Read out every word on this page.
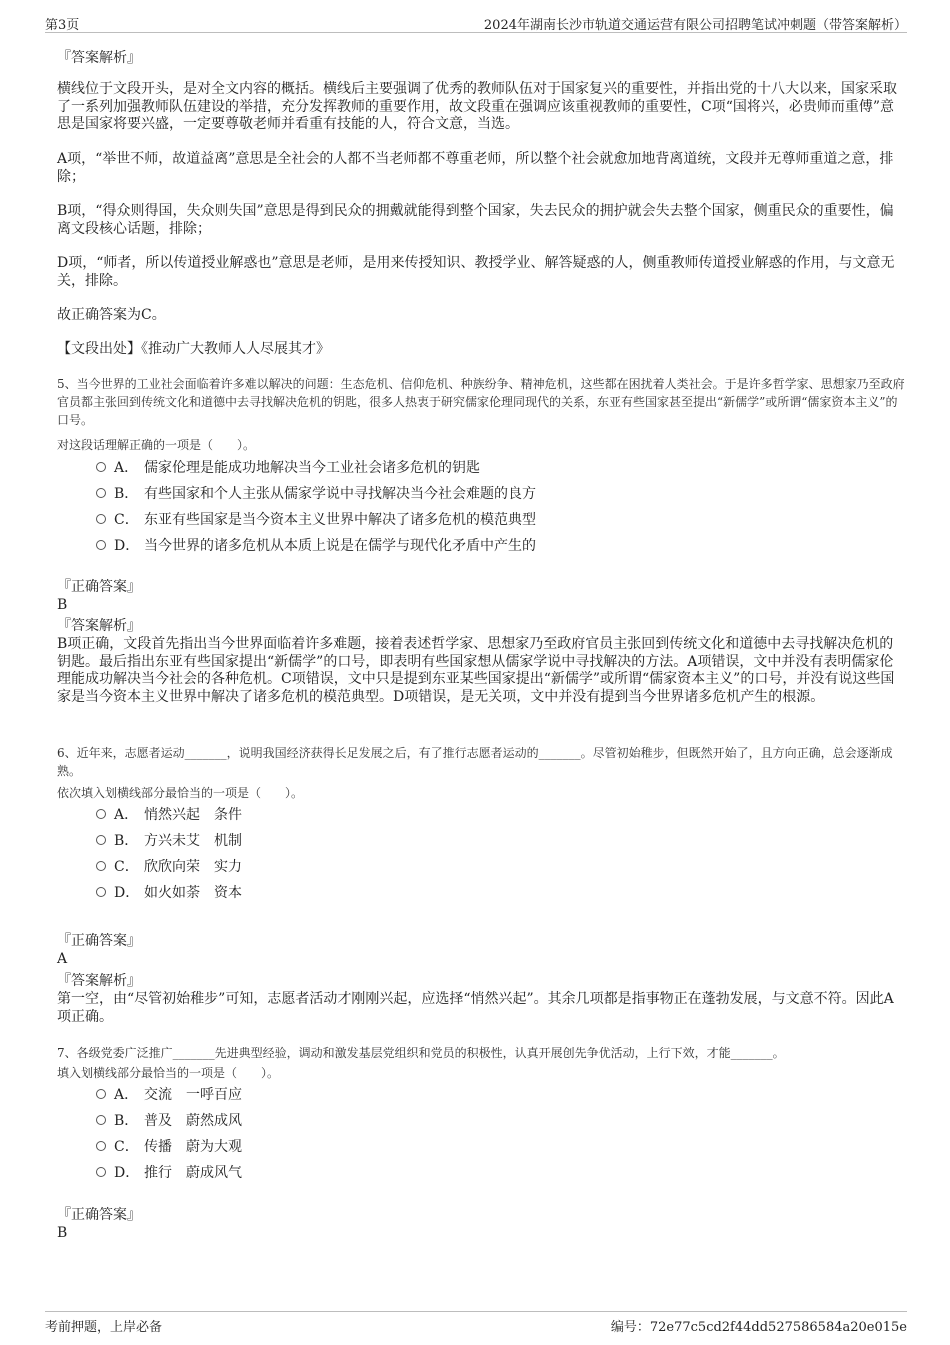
第3页	2024年湖南长沙市轨道交通运营有限公司招聘笔试冲刺题（带答案解析）
『答案解析』

横线位于文段开头，是对全文内容的概括。横线后主要强调了优秀的教师队伍对于国家复兴的重要性，并指出党的十八大以来，国家采取了一系列加强教师队伍建设的举措，充分发挥教师的重要作用，故文段重在强调应该重视教师的重要性，C项“国将兴，必贵师而重傅”意思是国家将要兴盛，一定要尊敬老师并看重有技能的人，符合文意，当选。

A项，“举世不师，故道益离”意思是全社会的人都不当老师都不尊重老师，所以整个社会就愈加地背离道统，文段并无尊师重道之意，排除；

B项，“得众则得国，失众则失国”意思是得到民众的拥戴就能得到整个国家，失去民众的拥护就会失去整个国家，侧重民众的重要性，偏离文段核心话题，排除；

D项，“师者，所以传道授业解惑也”意思是老师，是用来传授知识、教授学业、解答疑惑的人，侧重教师传道授业解惑的作用，与文意无关，排除。

故正确答案为C。

【文段出处】《推动广大教师人人尽展其才》

5、当今世界的工业社会面临着许多难以解决的问题：生态危机、信仰危机、种族纷争、精神危机，这些都在困扰着人类社会。于是许多哲学家、思想家乃至政府官员都主张回到传统文化和道德中去寻找解决危机的钥匙，很多人热衷于研究儒家伦理同现代的关系，东亚有些国家甚至提出“新儒学”或所谓“儒家资本主义”的口号。

对这段话理解正确的一项是（　　）。

A． 儒家伦理是能成功地解决当今工业社会诸多危机的钥匙
B． 有些国家和个人主张从儒家学说中寻找解决当今社会难题的良方
C． 东亚有些国家是当今资本主义世界中解决了诸多危机的模范典型
D． 当今世界的诸多危机从本质上说是在儒学与现代化矛盾中产生的
『正确答案』
B
『答案解析』

B项正确，文段首先指出当今世界面临着许多难题，接着表述哲学家、思想家乃至政府官员主张回到传统文化和道德中去寻找解决危机的钥匙。最后指出东亚有些国家提出“新儒学”的口号，即表明有些国家想从儒家学说中寻找解决的方法。A项错误，文中并没有表明儒家伦理能成功解决当今社会的各种危机。C项错误，文中只是提到东亚某些国家提出“新儒学”或所谓“儒家资本主义”的口号，并没有说这些国家是当今资本主义世界中解决了诸多危机的模范典型。D项错误，是无关项，文中并没有提到当今世界诸多危机产生的根源。

6、近年来，志愿者运动_______，说明我国经济获得长足发展之后，有了推行志愿者运动的_______。尽管初始稚步，但既然开始了，且方向正确，总会逐渐成熟。

依次填入划横线部分最恰当的一项是（　　）。

A． 悄然兴起　条件
B． 方兴未艾　机制
C． 欣欣向荣　实力
D． 如火如荼　资本
『正确答案』
A
『答案解析』

第一空，由“尽管初始稚步”可知，志愿者活动才刚刚兴起，应选择“悄然兴起”。其余几项都是指事物正在蓬勃发展，与文意不符。因此A项正确。

7、各级党委广泛推广_______先进典型经验，调动和激发基层党组织和党员的积极性，认真开展创先争优活动，上行下效，才能_______。

填入划横线部分最恰当的一项是（　　）。

A． 交流　一呼百应
B． 普及　蔚然成风
C． 传播　蔚为大观
D． 推行　蔚成风气
『正确答案』
B
考前押题，上岸必备	编号：72e77c5cd2f44dd527586584a20e015e
